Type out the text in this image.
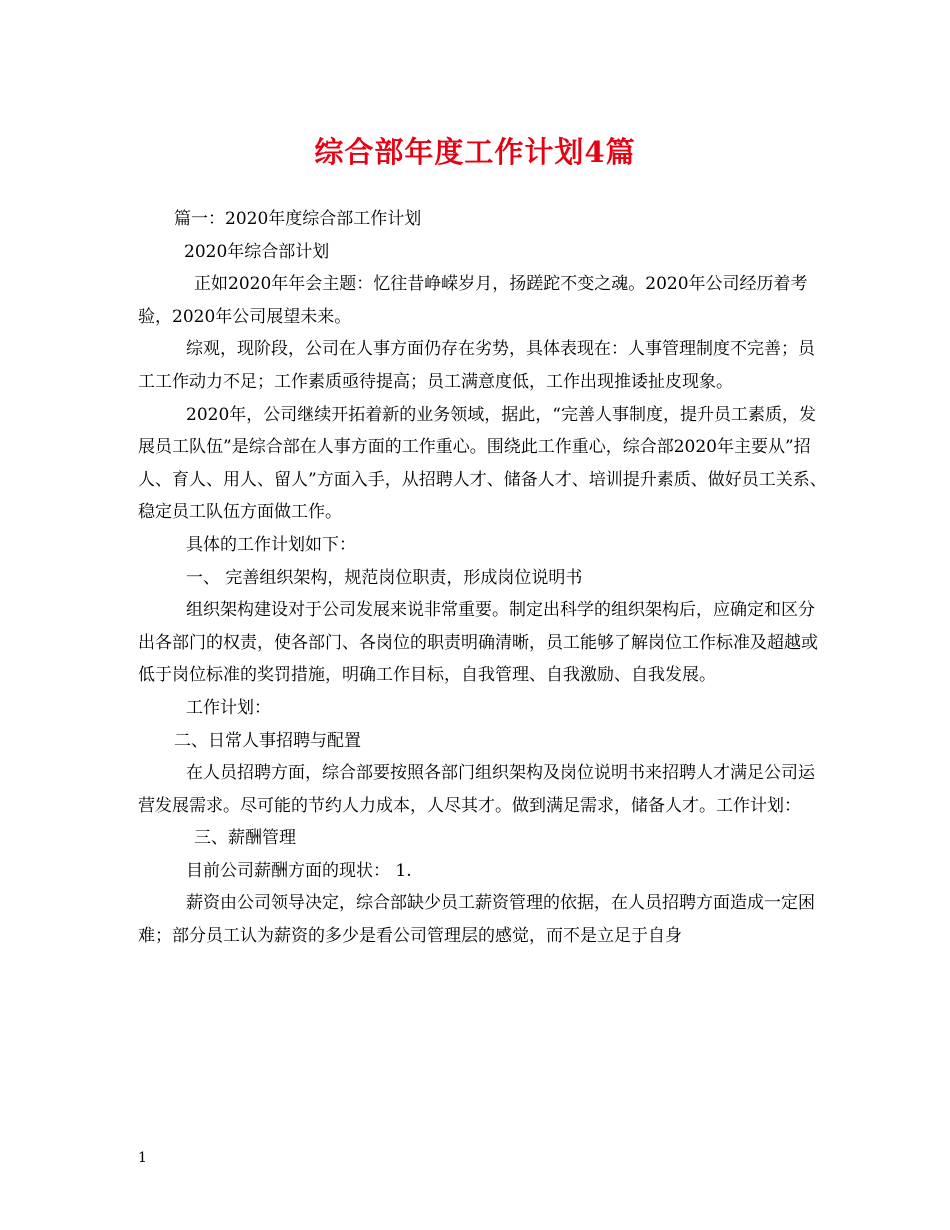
综合部年度工作计划4篇

篇一：2020年度综合部工作计划

2020年综合部计划

正如2020年年会主题：忆往昔峥嵘岁月，扬蹉跎不变之魂。2020年公司经历着考验，2020年公司展望未来。

综观，现阶段，公司在人事方面仍存在劣势，具体表现在：人事管理制度不完善；员工工作动力不足；工作素质亟待提高；员工满意度低，工作出现推诿扯皮现象。

2020年，公司继续开拓着新的业务领域，据此，“完善人事制度，提升员工素质，发展员工队伍”是综合部在人事方面的工作重心。围绕此工作重心，综合部2020年主要从”招人、育人、用人、留人”方面入手，从招聘人才、储备人才、培训提升素质、做好员工关系、稳定员工队伍方面做工作。

具体的工作计划如下：

一、 完善组织架构，规范岗位职责，形成岗位说明书

组织架构建设对于公司发展来说非常重要。制定出科学的组织架构后，应确定和区分出各部门的权责，使各部门、各岗位的职责明确清晰，员工能够了解岗位工作标准及超越或低于岗位标准的奖罚措施，明确工作目标，自我管理、自我激励、自我发展。

工作计划：

二、日常人事招聘与配置

在人员招聘方面，综合部要按照各部门组织架构及岗位说明书来招聘人才满足公司运营发展需求。尽可能的节约人力成本，人尽其才。做到满足需求，储备人才。工作计划：

三、薪酬管理

目前公司薪酬方面的现状： 1.

薪资由公司领导决定，综合部缺少员工薪资管理的依据，在人员招聘方面造成一定困难；部分员工认为薪资的多少是看公司管理层的感觉，而不是立足于自身

1
